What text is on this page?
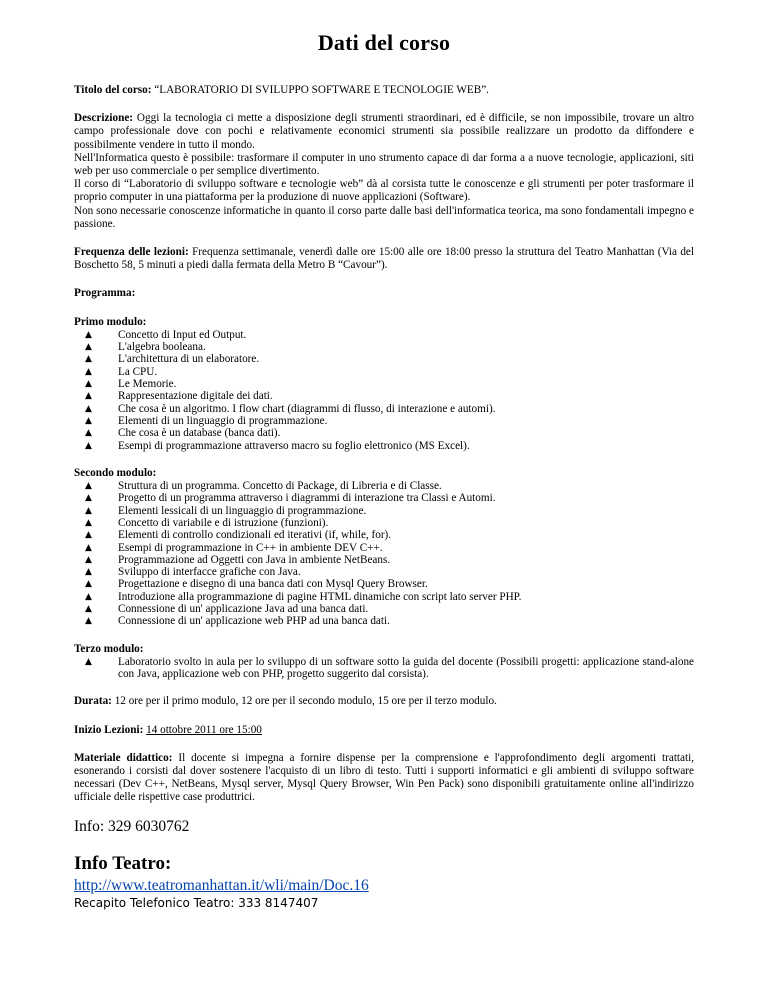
Dati del corso

Titolo del corso: “LABORATORIO DI SVILUPPO SOFTWARE E TECNOLOGIE WEB”.

Descrizione: Oggi la tecnologia ci mette a disposizione degli strumenti straordinari, ed è difficile, se non impossibile, trovare un altro campo professionale dove con pochi e relativamente economici strumenti sia possibile realizzare un prodotto da diffondere e possibilmente vendere in tutto il mondo.

Nell'Informatica questo è possibile: trasformare il computer in uno strumento capace di dar forma a a nuove tecnologie, applicazioni, siti web per uso commerciale o per semplice divertimento.

Il corso di “Laboratorio di sviluppo software e tecnologie web” dà al corsista tutte le conoscenze e gli strumenti per poter trasformare il proprio computer in una piattaforma per la produzione di nuove applicazioni (Software).

Non sono necessarie conoscenze informatiche in quanto il corso parte dalle basi dell'informatica teorica, ma sono fondamentali impegno e passione.

Frequenza delle lezioni: Frequenza settimanale, venerdì dalle ore 15:00 alle ore 18:00 presso la struttura del Teatro Manhattan (Via del Boschetto 58, 5 minuti a piedi dalla fermata della Metro B “Cavour”).

Programma:

Primo modulo:
▲ Concetto di Input ed Output.
▲ L'algebra booleana.
▲ L'architettura di un elaboratore.
▲ La CPU.
▲ Le Memorie.
▲ Rappresentazione digitale dei dati.
▲ Che cosa è un algoritmo. I flow chart (diagrammi di flusso, di interazione e automi).
▲ Elementi di un linguaggio di programmazione.
▲ Che cosa è un database (banca dati).
▲ Esempi di programmazione attraverso macro su foglio elettronico (MS Excel).
Secondo modulo:
▲ Struttura di un programma. Concetto di Package, di Libreria e di Classe.
▲ Progetto di un programma attraverso i diagrammi di interazione tra Classi e Automi.
▲ Elementi lessicali di un linguaggio di programmazione.
▲ Concetto di variabile e di istruzione (funzioni).
▲ Elementi di controllo condizionali ed iterativi (if, while, for).
▲ Esempi di programmazione in C++ in ambiente DEV C++.
▲ Programmazione ad Oggetti con Java in ambiente NetBeans.
▲ Sviluppo di interfacce grafiche con Java.
▲ Progettazione e disegno di una banca dati con Mysql Query Browser.
▲ Introduzione alla programmazione di pagine HTML dinamiche con script lato server PHP.
▲ Connessione di un' applicazione Java ad una banca dati.
▲ Connessione di un' applicazione web PHP ad una banca dati.
Terzo modulo:
▲ Laboratorio svolto in aula per lo sviluppo di un software sotto la guida del docente (Possibili progetti: applicazione stand-alone con Java, applicazione web con PHP, progetto suggerito dal corsista).

Durata: 12 ore per il primo modulo, 12 ore per il secondo modulo, 15 ore per il terzo modulo.

Inizio Lezioni: 14 ottobre 2011 ore 15:00

Materiale didattico: Il docente si impegna a fornire dispense per la comprensione e l'approfondimento degli argomenti trattati, esonerando i corsisti dal dover sostenere l'acquisto di un libro di testo. Tutti i supporti informatici e gli ambienti di sviluppo software necessari (Dev C++, NetBeans, Mysql server, Mysql Query Browser, Win Pen Pack) sono disponibili gratuitamente online all'indirizzo ufficiale delle rispettive case produttrici.

Info: 329 6030762

Info Teatro:
http://www.teatromanhattan.it/wli/main/Doc.16
Recapito Telefonico Teatro: 333 8147407
